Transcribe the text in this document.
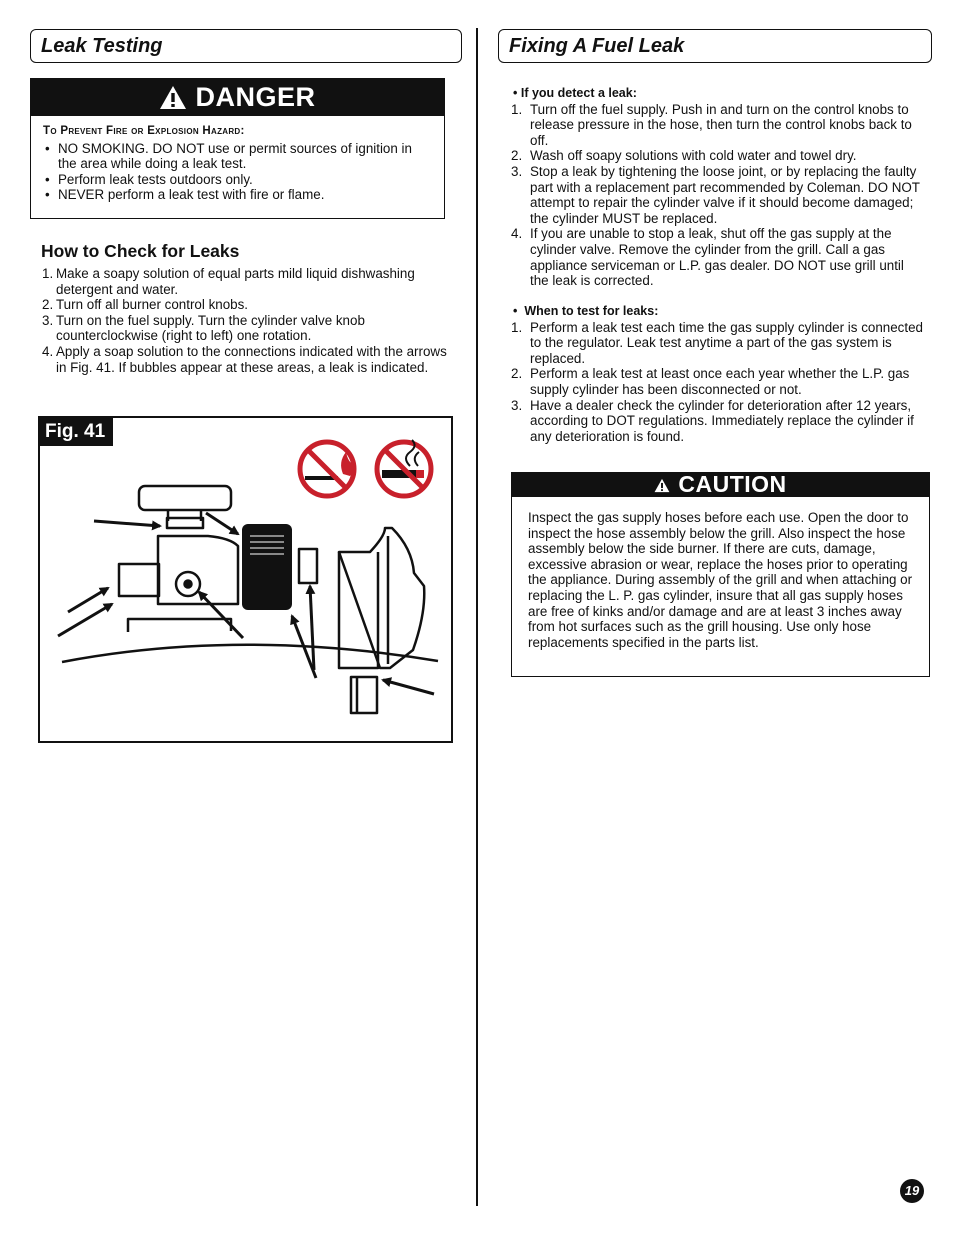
Leak Testing
DANGER
To Prevent Fire or Explosion Hazard:
• NO SMOKING. DO NOT use or permit sources of ignition in the area while doing a leak test.
• Perform leak tests outdoors only.
• NEVER perform a leak test with fire or flame.
How to Check for Leaks
1. Make a soapy solution of equal parts mild liquid dishwashing detergent and water.
2. Turn off all burner control knobs.
3. Turn on the fuel supply. Turn the cylinder valve knob counterclockwise (right to left) one rotation.
4. Apply a soap solution to the connections indicated with the arrows in Fig. 41. If bubbles appear at these areas, a leak is indicated.
Fig. 41
Fixing A Fuel Leak
• If you detect a leak:
1. Turn off the fuel supply. Push in and turn on the control knobs to release pressure in the hose, then turn the control knobs back to off.
2. Wash off soapy solutions with cold water and towel dry.
3. Stop a leak by tightening the loose joint, or by replacing the faulty part with a replacement part recommended by Coleman. DO NOT attempt to repair the cylinder valve if it should become damaged; the cylinder MUST be replaced.
4. If you are unable to stop a leak, shut off the gas supply at the cylinder valve. Remove the cylinder from the grill. Call a gas appliance serviceman or L.P. gas dealer. DO NOT use grill until the leak is corrected.
•  When to test for leaks:
1. Perform a leak test each time the gas supply cylinder is connected to the regulator. Leak test anytime a part of the gas system is replaced.
2. Perform a leak test at least once each year whether the L.P. gas supply cylinder has been disconnected or not.
3. Have a dealer check the cylinder for deterioration after 12 years, according to DOT regulations. Immediately replace the cylinder if any deterioration is found.
CAUTION
Inspect the gas supply hoses before each use. Open the door to inspect the hose assembly below the grill. Also inspect the hose assembly below the side burner. If there are cuts, damage, excessive abrasion or wear, replace the hoses prior to operating the appliance. During assembly of the grill and when attaching or replacing the L. P. gas cylinder, insure that all gas supply hoses are free of kinks and/or damage and are at least 3 inches away from hot surfaces such as the grill housing. Use only hose replacements specified in the parts list.
19
